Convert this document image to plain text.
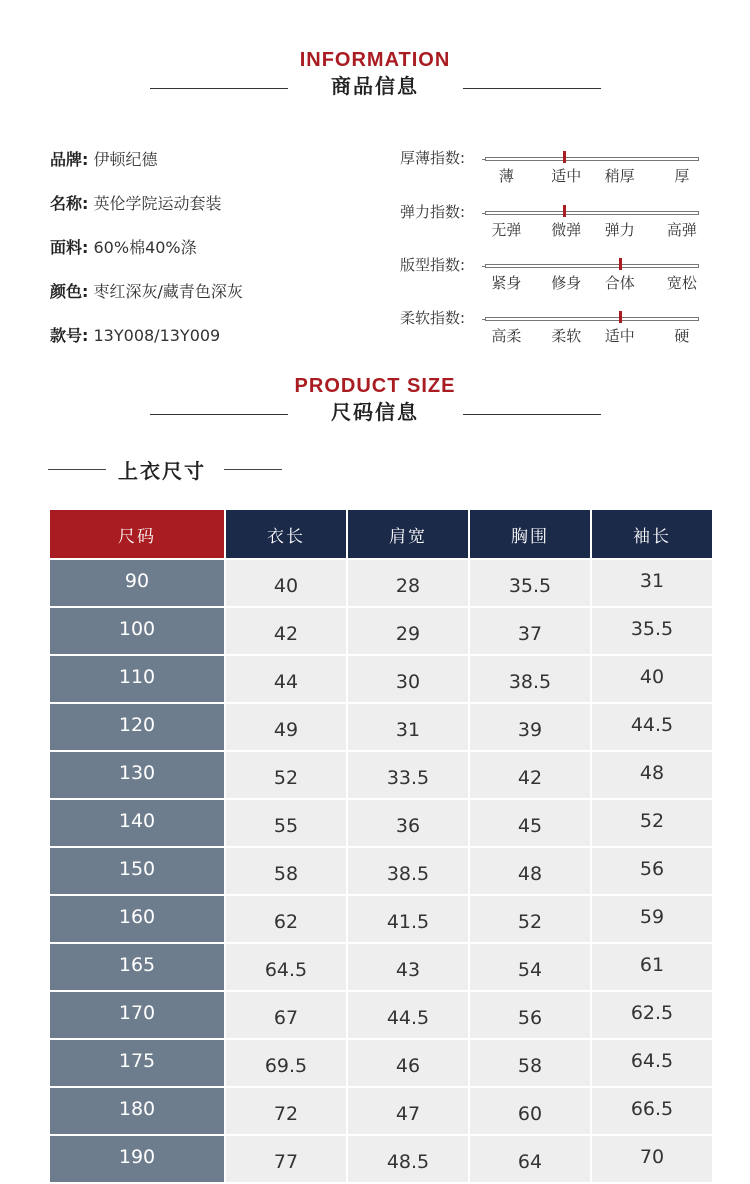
INFORMATION
商品信息
品牌: 伊顿纪德
名称: 英伦学院运动套装
面料: 60%棉40%涤
颜色: 枣红深灰/藏青色深灰
款号: 13Y008/13Y009
厚薄指数:
薄 适中 稍厚	厚
弹力指数:
无弹 微弹 弹力 高弹
版型指数:
紧身 修身 合体 宽松
柔软指数:
高柔 柔软 适中	硬
PRODUCT SIZE
尺码信息
上衣尺寸
尺码	衣长	肩宽	胸围	袖长
90	40	28	35.5	31
100	42	29	37	35.5
110	44	30	38.5	40
120	49	31	39	44.5
130	52	33.5	42	48
140	55	36	45	52
150	58	38.5	48	56
160	62	41.5	52	59
165	64.5	43	54	61
170	67	44.5	56	62.5
175	69.5	46	58	64.5
180	72	47	60	66.5
190	77	48.5	64	70
